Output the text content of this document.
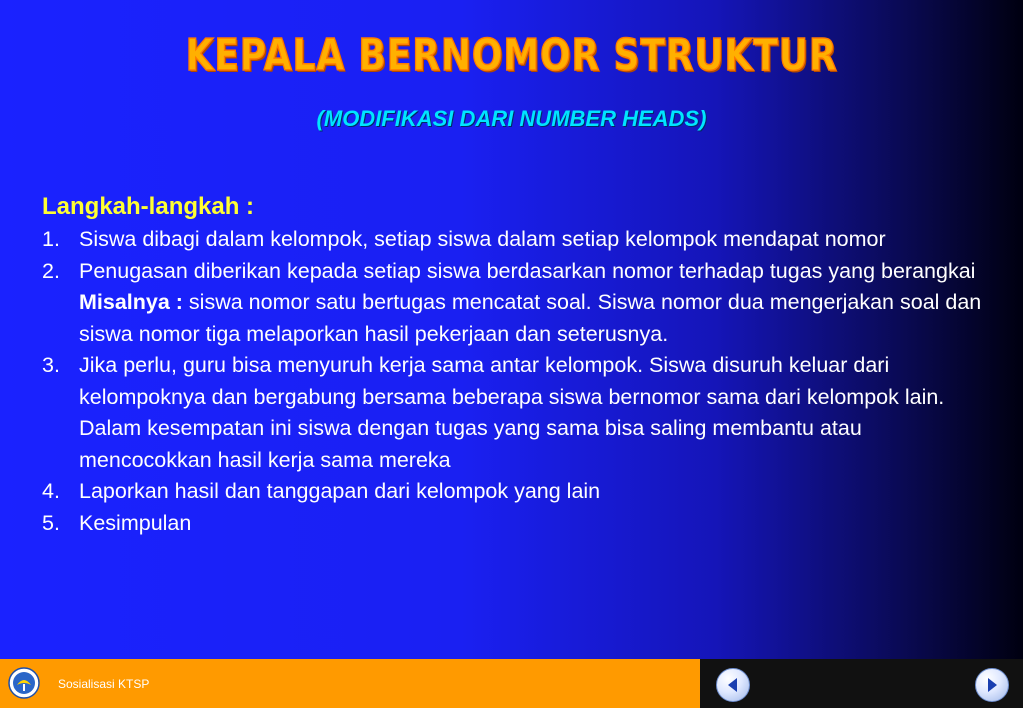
KEPALA BERNOMOR STRUKTUR
(MODIFIKASI DARI NUMBER HEADS)
Langkah-langkah :
1. Siswa dibagi dalam kelompok, setiap siswa dalam setiap kelompok mendapat nomor
2. Penugasan diberikan kepada setiap siswa berdasarkan nomor terhadap tugas yang berangkai
Misalnya : siswa nomor satu bertugas mencatat soal. Siswa nomor dua mengerjakan soal dan siswa nomor tiga melaporkan hasil pekerjaan dan seterusnya.
3. Jika perlu, guru bisa menyuruh kerja sama antar kelompok. Siswa disuruh keluar dari kelompoknya dan bergabung bersama beberapa siswa bernomor sama dari kelompok lain. Dalam kesempatan ini siswa dengan tugas yang sama bisa saling membantu atau mencocokkan hasil kerja sama mereka
4. Laporkan hasil dan tanggapan dari kelompok yang lain
5. Kesimpulan
Sosialisasi KTSP
